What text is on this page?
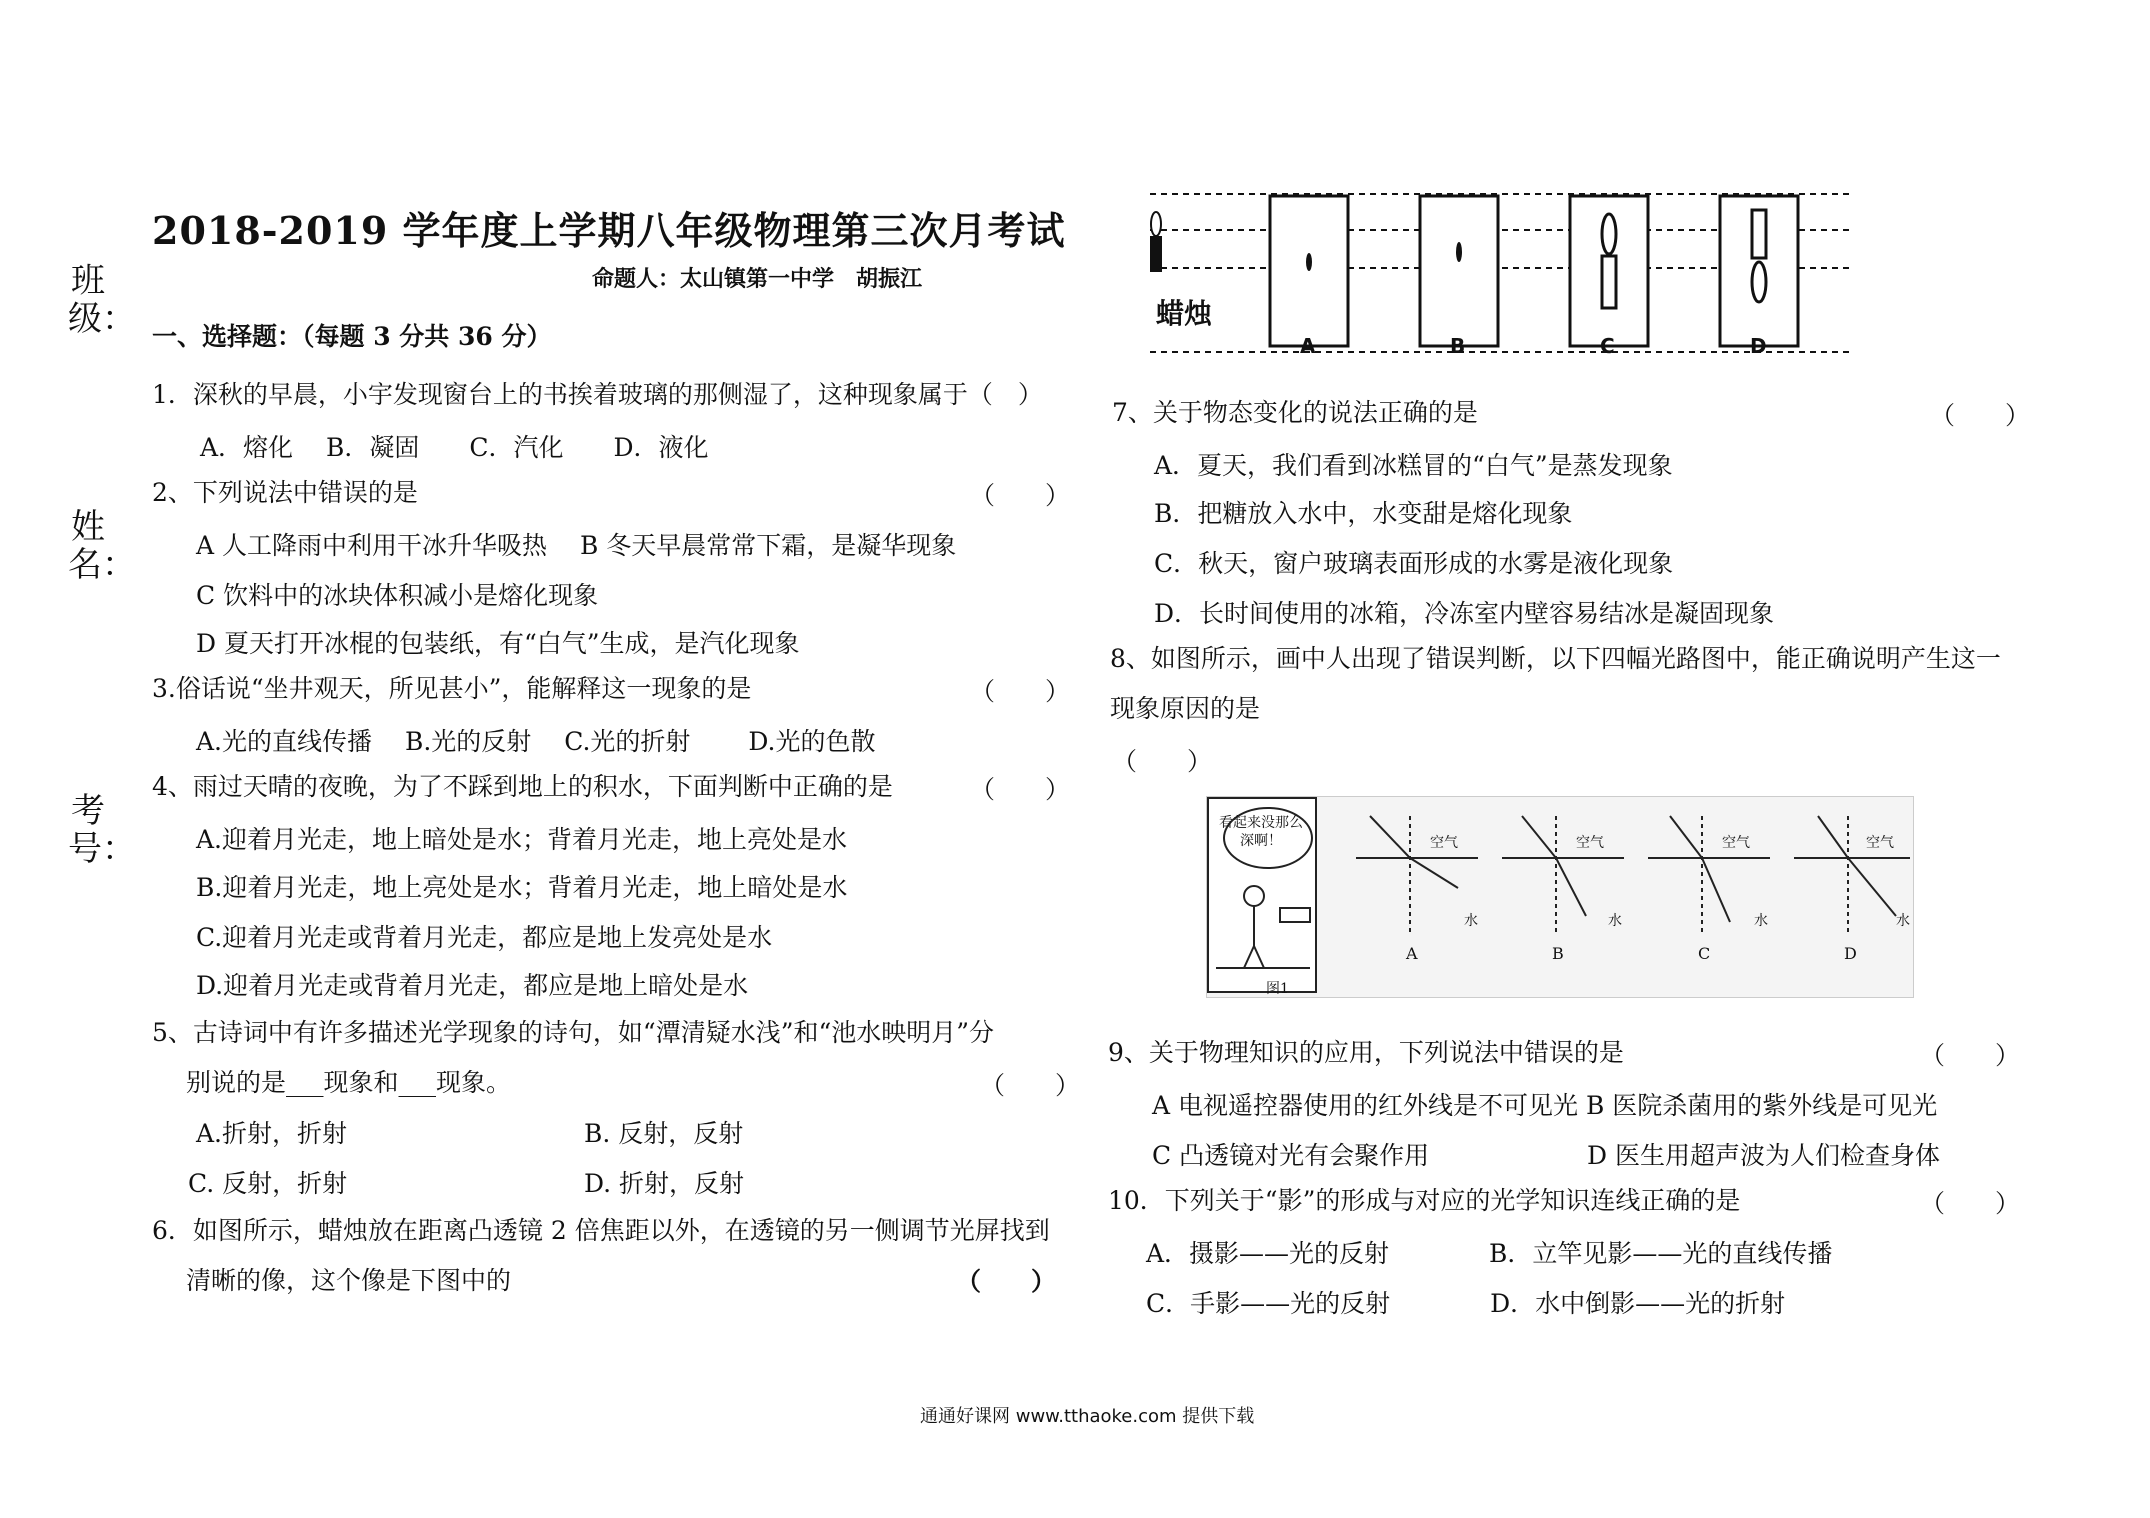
班级：
姓名：
考号：
2018-2019 学年度上学期八年级物理第三次月考试
命题人：太山镇第一中学　胡振江
一、选择题：（每题 3 分共 36 分）
1．深秋的早晨，小宇发现窗台上的书挨着玻璃的那侧湿了，这种现象属于（　）
A．熔化　 B．凝固　　C．汽化　　D．液化
2、下列说法中错误的是	（　　）
A 人工降雨中利用干冰升华吸热　 B 冬天早晨常常下霜，是凝华现象
C 饮料中的冰块体积减小是熔化现象
D 夏天打开冰棍的包装纸，有“白气”生成，是汽化现象
3.俗话说“坐井观天，所见甚小”，能解释这一现象的是	（　　）
A.光的直线传播　 B.光的反射　 C.光的折射　　 D.光的色散
4、雨过天晴的夜晚，为了不踩到地上的积水，下面判断中正确的是	（　　）
A.迎着月光走，地上暗处是水；背着月光走，地上亮处是水
B.迎着月光走，地上亮处是水；背着月光走，地上暗处是水
C.迎着月光走或背着月光走，都应是地上发亮处是水
D.迎着月光走或背着月光走，都应是地上暗处是水
5、古诗词中有许多描述光学现象的诗句，如“潭清疑水浅”和“池水映明月”分
别说的是___现象和___现象。	（　　）
A.折射，折射	B. 反射，反射
C. 反射，折射	D. 折射，反射
6．如图所示，蜡烛放在距离凸透镜 2 倍焦距以外，在透镜的另一侧调节光屏找到
清晰的像，这个像是下图中的	（　　）
蜡烛
A	B	C	D
7、关于物态变化的说法正确的是	（　　）
A．夏天，我们看到冰糕冒的“白气”是蒸发现象
B．把糖放入水中，水变甜是熔化现象
C．秋天，窗户玻璃表面形成的水雾是液化现象
D．长时间使用的冰箱，冷冻室内壁容易结冰是凝固现象
8、如图所示，画中人出现了错误判断，以下四幅光路图中，能正确说明产生这一
现象原因的是
（　　）
看起来没那么深啊！
图1
空气
水
空气
水
空气
水
空气
水
A	B	C	D
9、关于物理知识的应用，下列说法中错误的是	（　　）
A 电视遥控器使用的红外线是不可见光 B 医院杀菌用的紫外线是可见光
C 凸透镜对光有会聚作用　　　　　　 D 医生用超声波为人们检查身体
10．下列关于“影”的形成与对应的光学知识连线正确的是	（　　）
A．摄影——光的反射　　　　B．立竿见影——光的直线传播
C．手影——光的反射　　　　D．水中倒影——光的折射
通通好课网 www.tthaoke.com 提供下载
